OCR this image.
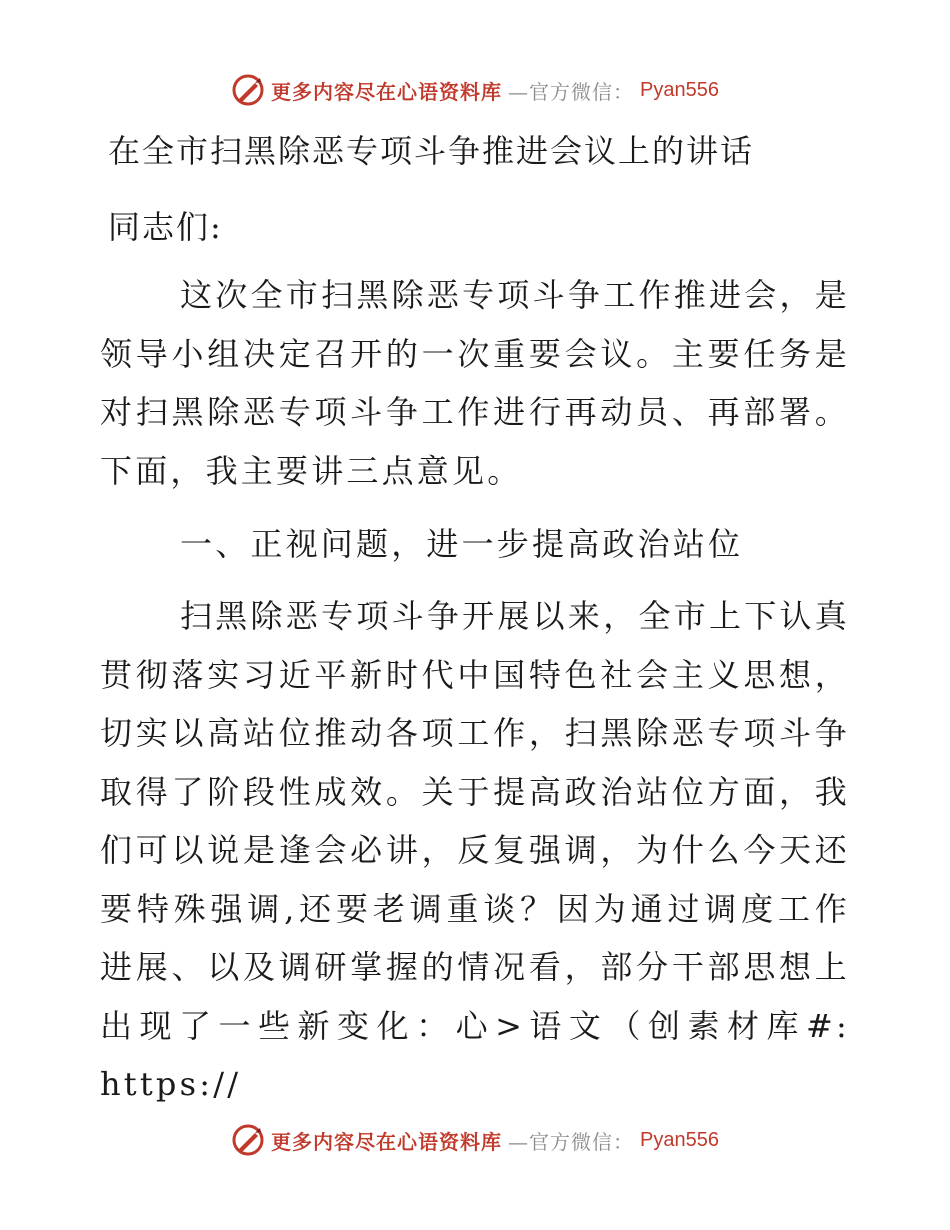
更多内容尽在心语资料库 —官方微信： Pyan556
在全市扫黑除恶专项斗争推进会议上的讲话

同志们:

这次全市扫黑除恶专项斗争工作推进会，是领导小组决定召开的一次重要会议。主要任务是对扫黑除恶专项斗争工作进行再动员、再部署。下面，我主要讲三点意见。

一、正视问题，进一步提高政治站位

扫黑除恶专项斗争开展以来，全市上下认真贯彻落实习近平新时代中国特色社会主义思想，切实以高站位推动各项工作，扫黑除恶专项斗争取得了阶段性成效。关于提高政治站位方面，我们可以说是逢会必讲，反复强调，为什么今天还要特殊强调,还要老调重谈？因为通过调度工作进展、以及调研掌握的情况看，部分干部思想上出现了一些新变化：心>语文（创素材库#: https://

更多内容尽在心语资料库 —官方微信： Pyan556
